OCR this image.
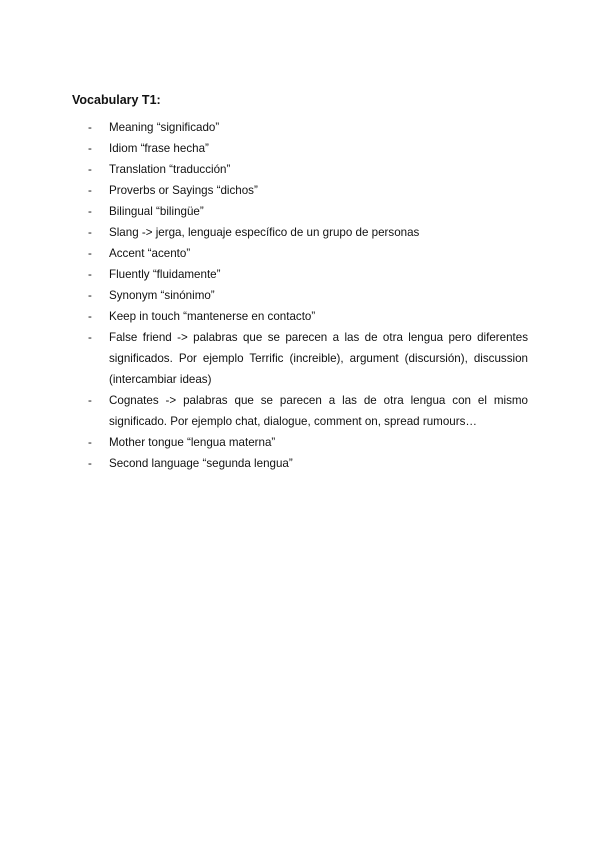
Vocabulary T1:

-	Meaning “significado”
-	Idiom “frase hecha”
-	Translation “traducción”
-	Proverbs or Sayings “dichos”
-	Bilingual “bilingüe”
-	Slang -> jerga, lenguaje específico de un grupo de personas
-	Accent “acento”
-	Fluently “fluidamente”
-	Synonym “sinónimo”
-	Keep in touch “mantenerse en contacto”
-	False friend -> palabras que se parecen a las de otra lengua pero diferentes significados. Por ejemplo Terrific (increible), argument (discursión), discussion (intercambiar ideas)
-	Cognates -> palabras que se parecen a las de otra lengua con el mismo significado. Por ejemplo chat, dialogue, comment on, spread rumours…
-	Mother tongue “lengua materna”
-	Second language “segunda lengua”
